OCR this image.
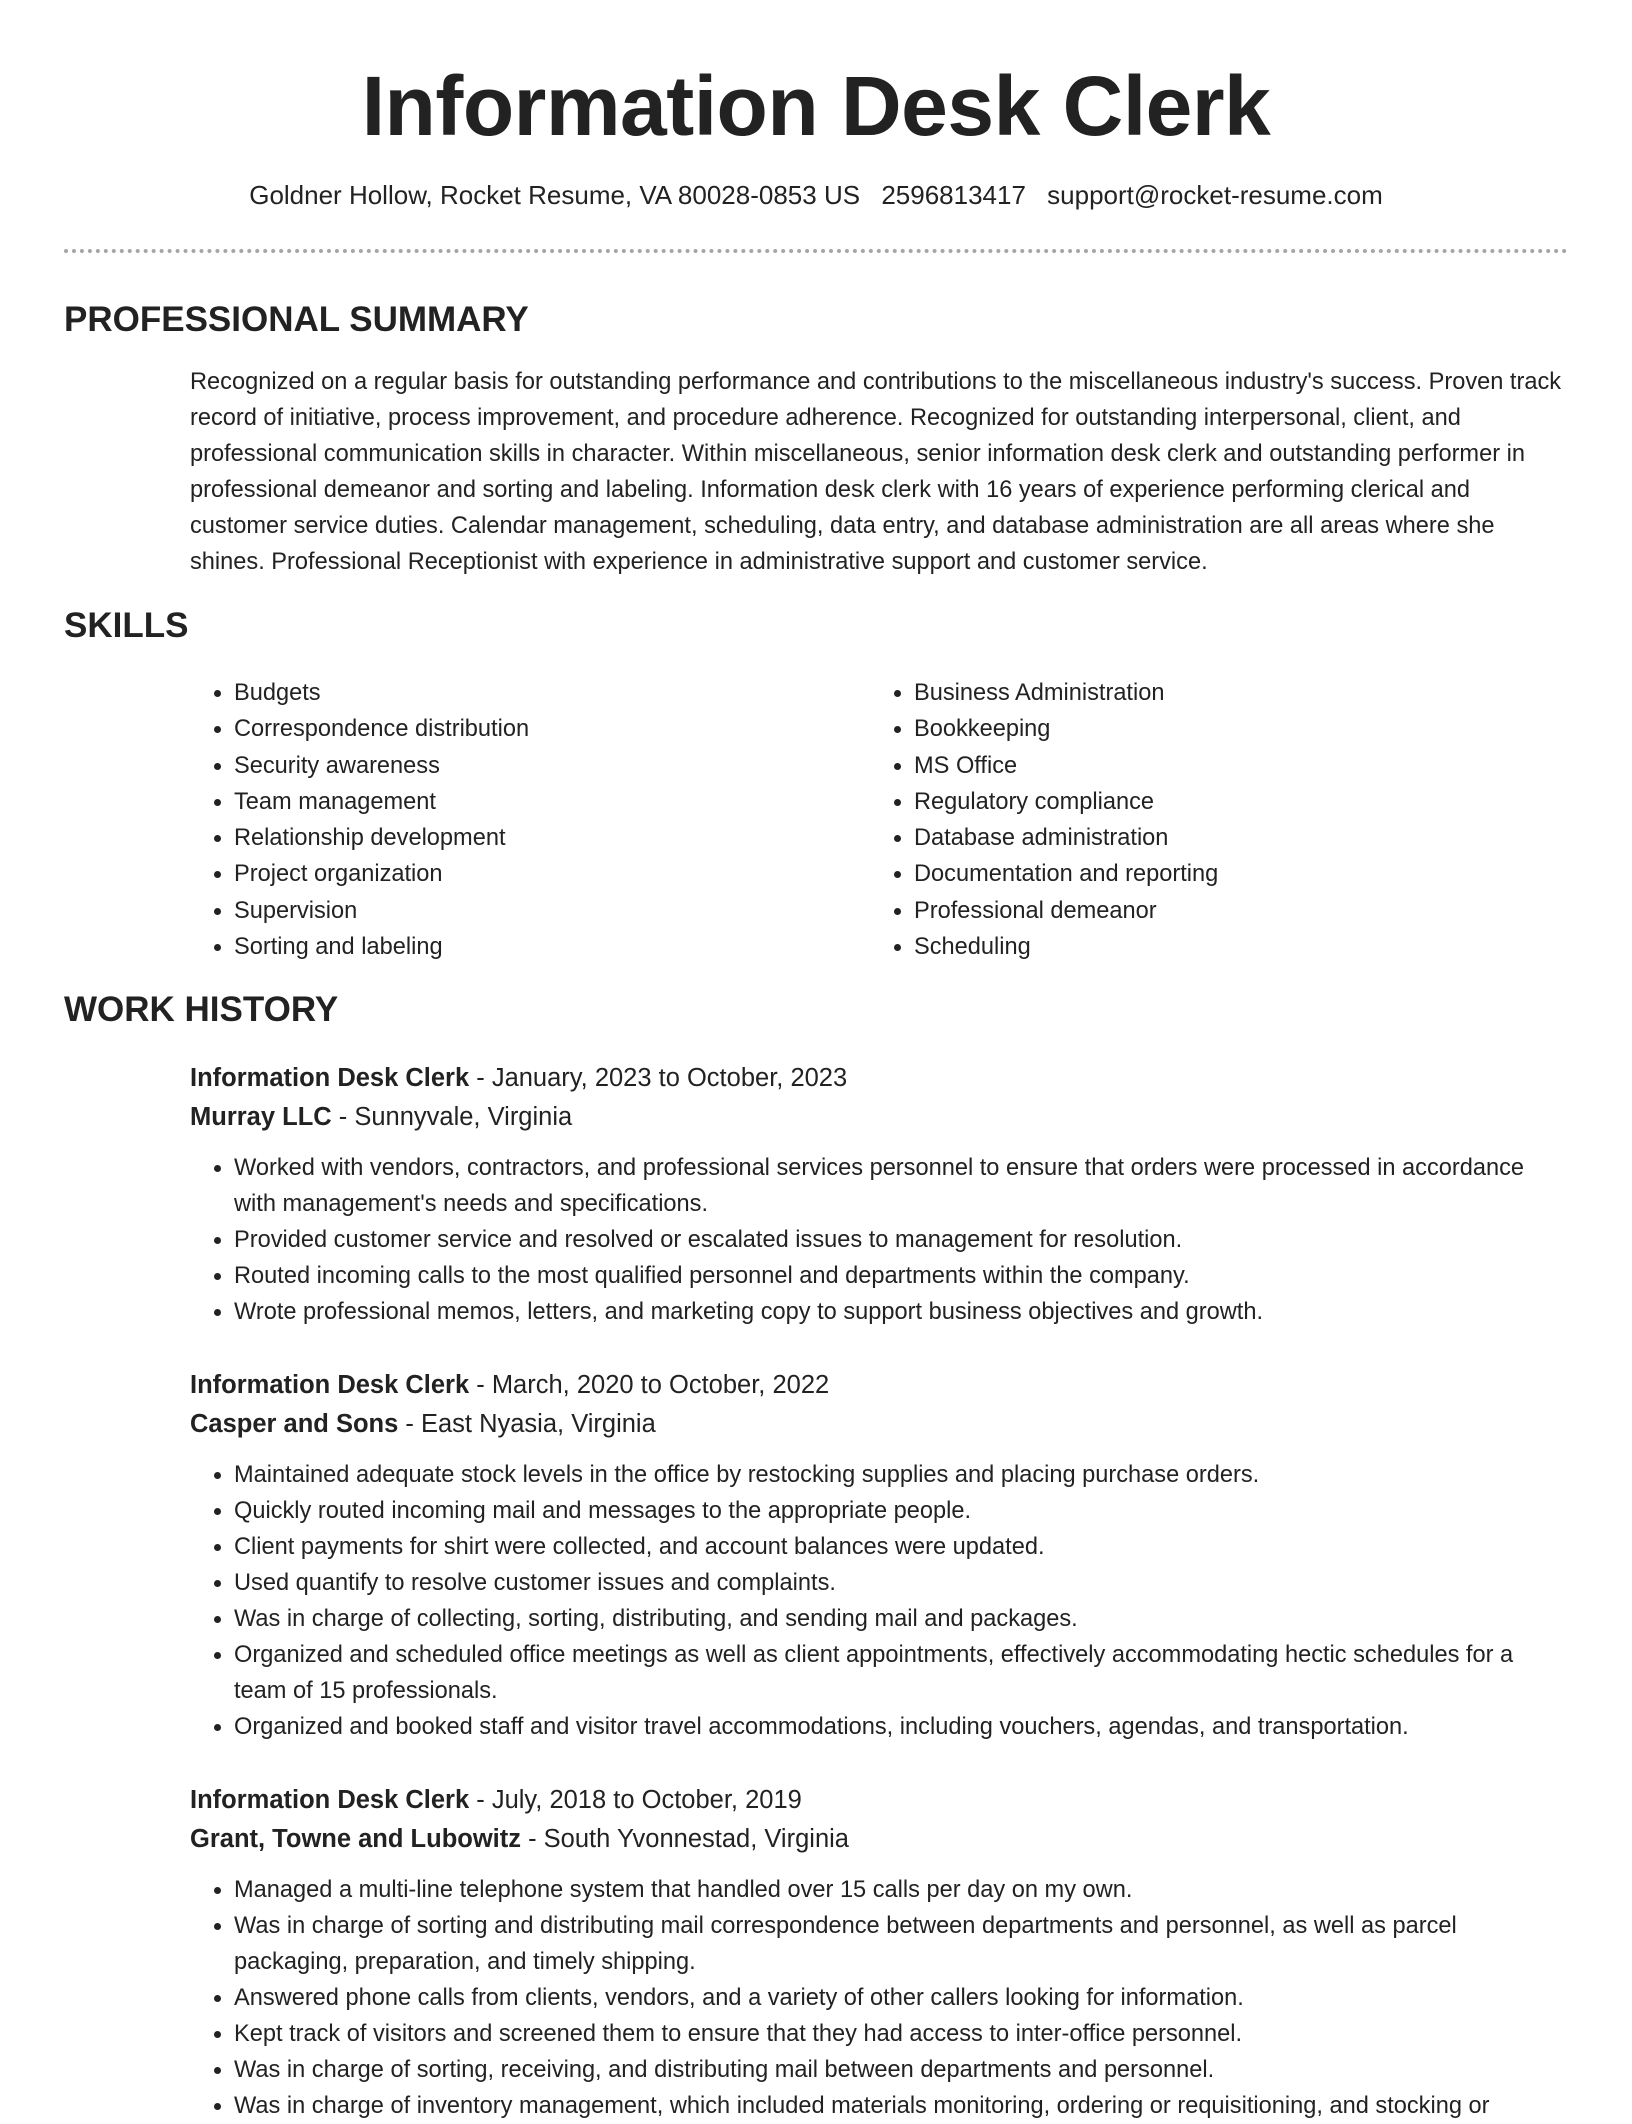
Information Desk Clerk
Goldner Hollow, Rocket Resume, VA 80028-0853 US 2596813417 support@rocket-resume.com
PROFESSIONAL SUMMARY

Recognized on a regular basis for outstanding performance and contributions to the miscellaneous industry's success. Proven track record of initiative, process improvement, and procedure adherence. Recognized for outstanding interpersonal, client, and professional communication skills in character. Within miscellaneous, senior information desk clerk and outstanding performer in professional demeanor and sorting and labeling. Information desk clerk with 16 years of experience performing clerical and customer service duties. Calendar management, scheduling, data entry, and database administration are all areas where she shines. Professional Receptionist with experience in administrative support and customer service.

SKILLS
• Budgets
• Correspondence distribution
• Security awareness
• Team management
• Relationship development
• Project organization
• Supervision
• Sorting and labeling
• Business Administration
• Bookkeeping
• MS Office
• Regulatory compliance
• Database administration
• Documentation and reporting
• Professional demeanor
• Scheduling
WORK HISTORY

Information Desk Clerk - January, 2023 to October, 2023

Murray LLC - Sunnyvale, Virginia

• Worked with vendors, contractors, and professional services personnel to ensure that orders were processed in accordance with management's needs and specifications.
• Provided customer service and resolved or escalated issues to management for resolution.
• Routed incoming calls to the most qualified personnel and departments within the company.
• Wrote professional memos, letters, and marketing copy to support business objectives and growth.

Information Desk Clerk - March, 2020 to October, 2022

Casper and Sons - East Nyasia, Virginia

• Maintained adequate stock levels in the office by restocking supplies and placing purchase orders.
• Quickly routed incoming mail and messages to the appropriate people.
• Client payments for shirt were collected, and account balances were updated.
• Used quantify to resolve customer issues and complaints.
• Was in charge of collecting, sorting, distributing, and sending mail and packages.
• Organized and scheduled office meetings as well as client appointments, effectively accommodating hectic schedules for a team of 15 professionals.
• Organized and booked staff and visitor travel accommodations, including vouchers, agendas, and transportation.

Information Desk Clerk - July, 2018 to October, 2019

Grant, Towne and Lubowitz - South Yvonnestad, Virginia

• Managed a multi-line telephone system that handled over 15 calls per day on my own.
• Was in charge of sorting and distributing mail correspondence between departments and personnel, as well as parcel packaging, preparation, and timely shipping.
• Answered phone calls from clients, vendors, and a variety of other callers looking for information.
• Kept track of visitors and screened them to ensure that they had access to inter-office personnel.
• Was in charge of sorting, receiving, and distributing mail between departments and personnel.
• Was in charge of inventory management, which included materials monitoring, ordering or requisitioning, and stocking or
